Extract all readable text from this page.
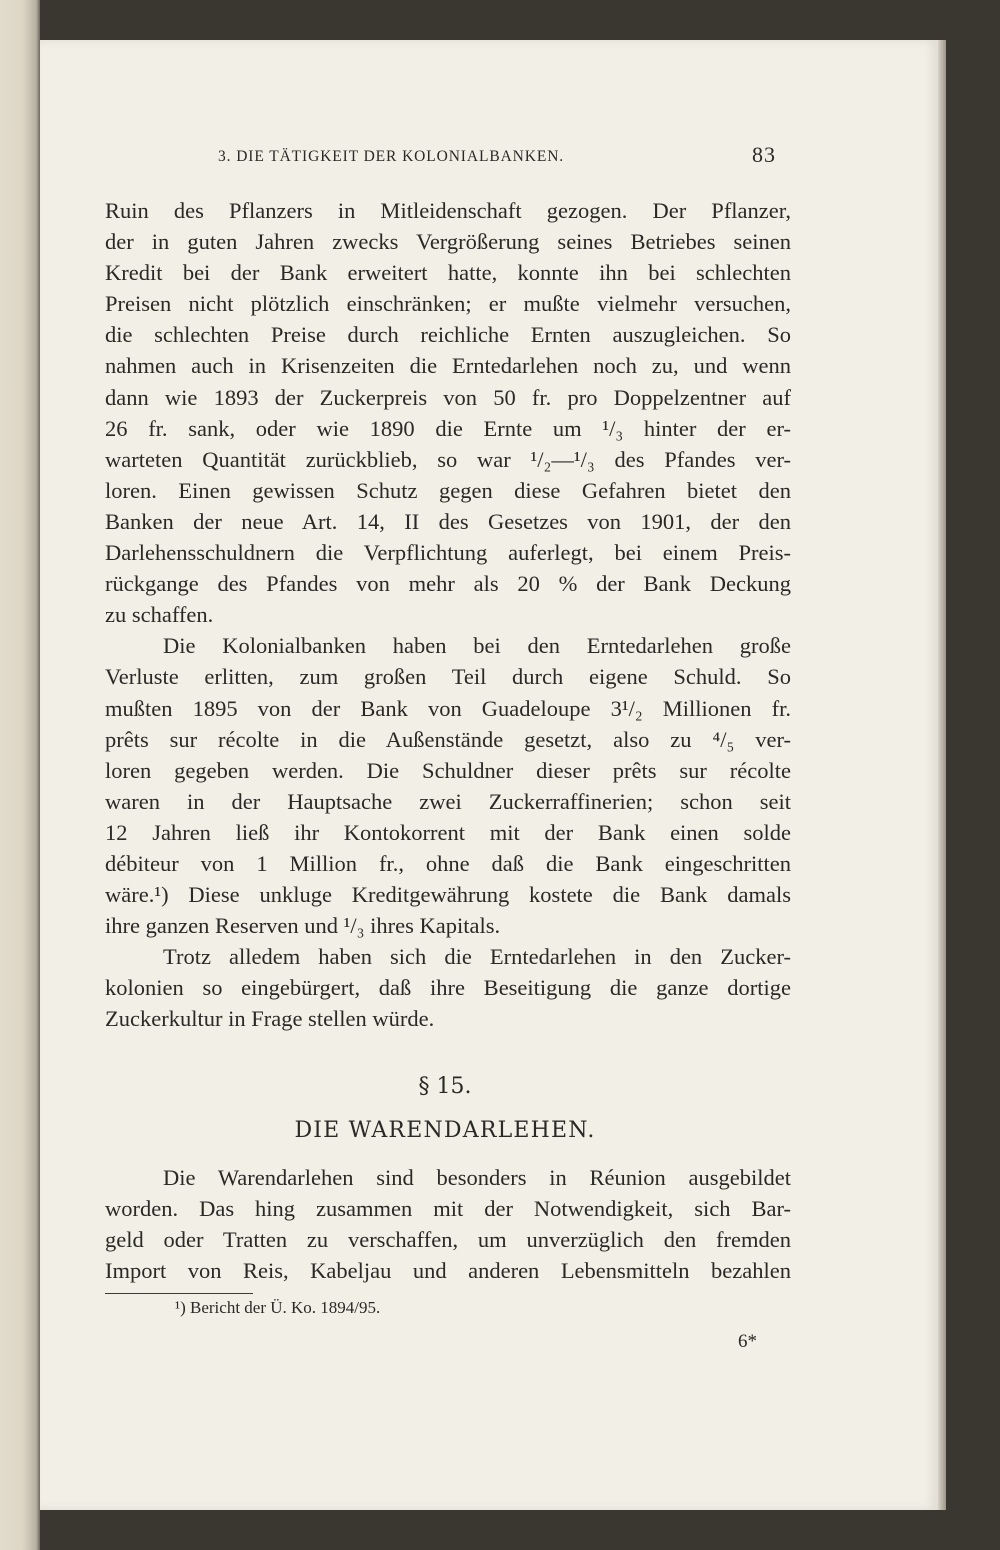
3. DIE TÄTIGKEIT DER KOLONIALBANKEN.	83
Ruin des Pflanzers in Mitleidenschaft gezogen. Der Pflanzer,
der in guten Jahren zwecks Vergrößerung seines Betriebes seinen
Kredit bei der Bank erweitert hatte, konnte ihn bei schlechten
Preisen nicht plötzlich einschränken; er mußte vielmehr versuchen,
die schlechten Preise durch reichliche Ernten auszugleichen. So
nahmen auch in Krisenzeiten die Erntedarlehen noch zu, und wenn
dann wie 1893 der Zuckerpreis von 50 fr. pro Doppelzentner auf
26 fr. sank, oder wie 1890 die Ernte um ¹/₃ hinter der er-
warteten Quantität zurückblieb, so war ¹/₂—¹/₃ des Pfandes ver-
loren. Einen gewissen Schutz gegen diese Gefahren bietet den
Banken der neue Art. 14, II des Gesetzes von 1901, der den
Darlehensschuldnern die Verpflichtung auferlegt, bei einem Preis-
rückgange des Pfandes von mehr als 20 % der Bank Deckung
zu schaffen.
Die Kolonialbanken haben bei den Erntedarlehen große
Verluste erlitten, zum großen Teil durch eigene Schuld. So
mußten 1895 von der Bank von Guadeloupe 3¹/₂ Millionen fr.
prêts sur récolte in die Außenstände gesetzt, also zu ⁴/₅ ver-
loren gegeben werden. Die Schuldner dieser prêts sur récolte
waren in der Hauptsache zwei Zuckerraffinerien; schon seit
12 Jahren ließ ihr Kontokorrent mit der Bank einen solde
débiteur von 1 Million fr., ohne daß die Bank eingeschritten
wäre.¹) Diese unkluge Kreditgewährung kostete die Bank damals
ihre ganzen Reserven und ¹/₃ ihres Kapitals.
Trotz alledem haben sich die Erntedarlehen in den Zucker-
kolonien so eingebürgert, daß ihre Beseitigung die ganze dortige
Zuckerkultur in Frage stellen würde.
§ 15.
DIE WARENDARLEHEN.
Die Warendarlehen sind besonders in Réunion ausgebildet
worden. Das hing zusammen mit der Notwendigkeit, sich Bar-
geld oder Tratten zu verschaffen, um unverzüglich den fremden
Import von Reis, Kabeljau und anderen Lebensmitteln bezahlen
¹) Bericht der Ü. Ko. 1894/95.
6*
